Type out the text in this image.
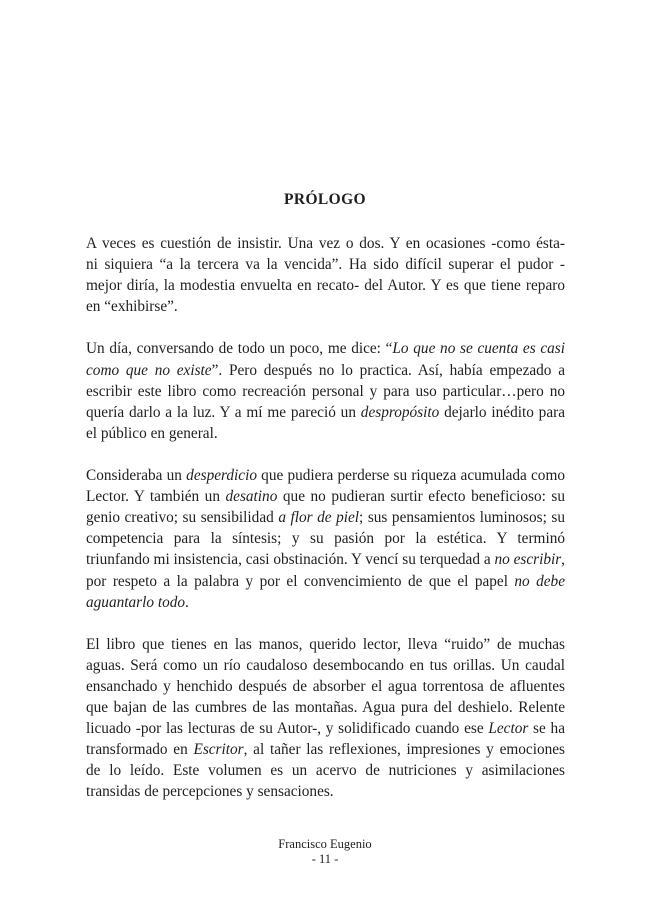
PRÓLOGO
A veces es cuestión de insistir. Una vez o dos. Y en ocasiones -como ésta-
ni siquiera “a la tercera va la vencida”. Ha sido difícil superar el pudor -
mejor diría, la modestia envuelta en recato- del Autor. Y es que tiene reparo
en “exhibirse”.
Un día, conversando de todo un poco, me dice: “Lo que no se cuenta es casi
como que no existe”. Pero después no lo practica. Así, había empezado a
escribir este libro como recreación personal y para uso particular…pero no
quería darlo a la luz. Y a mí me pareció un despropósito dejarlo inédito para
el público en general.
Consideraba un desperdicio que pudiera perderse su riqueza acumulada como
Lector. Y también un desatino que no pudieran surtir efecto beneficioso: su
genio creativo; su sensibilidad a flor de piel; sus pensamientos luminosos; su
competencia para la síntesis; y su pasión por la estética. Y terminó
triunfando mi insistencia, casi obstinación. Y vencí su terquedad a no escribir,
por respeto a la palabra y por el convencimiento de que el papel no debe
aguantarlo todo.
El libro que tienes en las manos, querido lector, lleva “ruido” de muchas
aguas. Será como un río caudaloso desembocando en tus orillas. Un caudal
ensanchado y henchido después de absorber el agua torrentosa de afluentes
que bajan de las cumbres de las montañas. Agua pura del deshielo. Relente
licuado -por las lecturas de su Autor-, y solidificado cuando ese Lector se ha
transformado en Escritor, al tañer las reflexiones, impresiones y emociones
de lo leído. Este volumen es un acervo de nutriciones y asimilaciones
transidas de percepciones y sensaciones.
Francisco Eugenio
- 11 -
